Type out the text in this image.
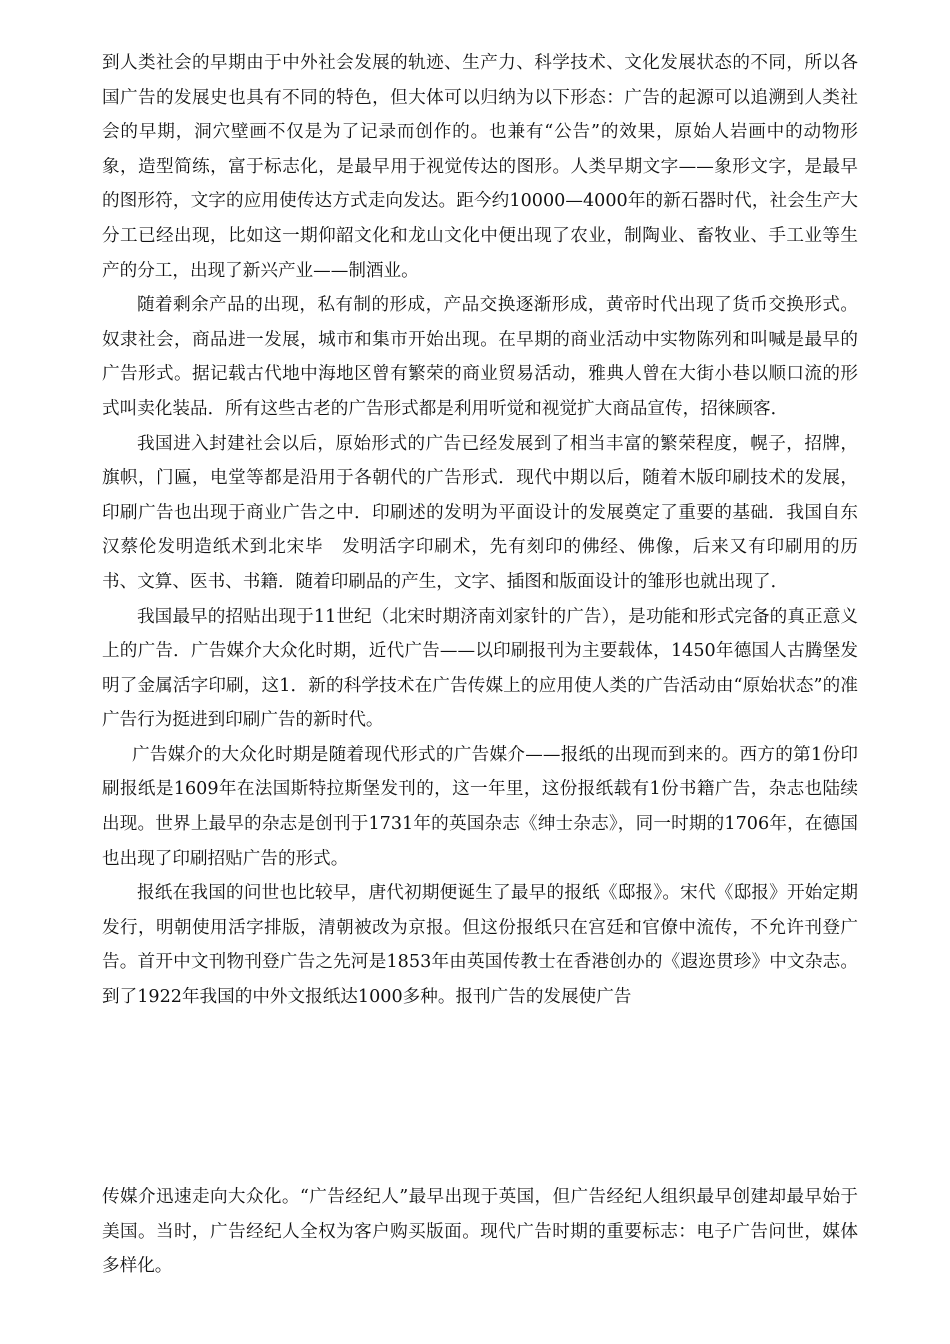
到人类社会的早期由于中外社会发展的轨迹、生产力、科学技术、文化发展状态的不同，所以各国广告的发展史也具有不同的特色，但大体可以归纳为以下形态：广告的起源可以追溯到人类社会的早期，洞穴壁画不仅是为了记录而创作的。也兼有“公告”的效果，原始人岩画中的动物形象，造型简练，富于标志化，是最早用于视觉传达的图形。人类早期文字——象形文字，是最早的图形符，文字的应用使传达方式走向发达。距今约10000—4000年的新石器时代，社会生产大分工已经出现，比如这一期仰韶文化和龙山文化中便出现了农业，制陶业、畜牧业、手工业等生产的分工，出现了新兴产业——制酒业。

随着剩余产品的出现，私有制的形成，产品交换逐渐形成，黄帝时代出现了货币交换形式。奴隶社会，商品进一发展，城市和集市开始出现。在早期的商业活动中实物陈列和叫喊是最早的广告形式。据记载古代地中海地区曾有繁荣的商业贸易活动，雅典人曾在大街小巷以顺口流的形式叫卖化装品．所有这些古老的广告形式都是利用听觉和视觉扩大商品宣传，招徕顾客．

我国进入封建社会以后，原始形式的广告已经发展到了相当丰富的繁荣程度，幌子，招牌，旗帜，门匾，电堂等都是沿用于各朝代的广告形式．现代中期以后，随着木版印刷技术的发展，印刷广告也出现于商业广告之中．印刷述的发明为平面设计的发展奠定了重要的基础．我国自东汉蔡伦发明造纸术到北宋毕　发明活字印刷术，先有刻印的佛经、佛像，后来又有印刷用的历书、文算、医书、书籍．随着印刷品的产生，文字、插图和版面设计的雏形也就出现了．

我国最早的招贴出现于11世纪（北宋时期济南刘家针的广告），是功能和形式完备的真正意义上的广告．广告媒介大众化时期，近代广告——以印刷报刊为主要载体，1450年德国人古腾堡发明了金属活字印刷，这1．新的科学技术在广告传媒上的应用使人类的广告活动由“原始状态”的准广告行为挺进到印刷广告的新时代。

广告媒介的大众化时期是随着现代形式的广告媒介——报纸的出现而到来的。西方的第1份印刷报纸是1609年在法国斯特拉斯堡发刊的，这一年里，这份报纸载有1份书籍广告，杂志也陆续出现。世界上最早的杂志是创刊于1731年的英国杂志《绅士杂志》，同一时期的1706年，在德国也出现了印刷招贴广告的形式。

报纸在我国的问世也比较早，唐代初期便诞生了最早的报纸《邸报》。宋代《邸报》开始定期发行，明朝使用活字排版，清朝被改为京报。但这份报纸只在宫廷和官僚中流传，不允许刊登广告。首开中文刊物刊登广告之先河是1853年由英国传教士在香港创办的《遐迩贯珍》中文杂志。到了1922年我国的中外文报纸达1000多种。报刊广告的发展使广告

传媒介迅速走向大众化。“广告经纪人”最早出现于英国，但广告经纪人组织最早创建却最早始于美国。当时，广告经纪人全权为客户购买版面。现代广告时期的重要标志：电子广告问世，媒体多样化。
